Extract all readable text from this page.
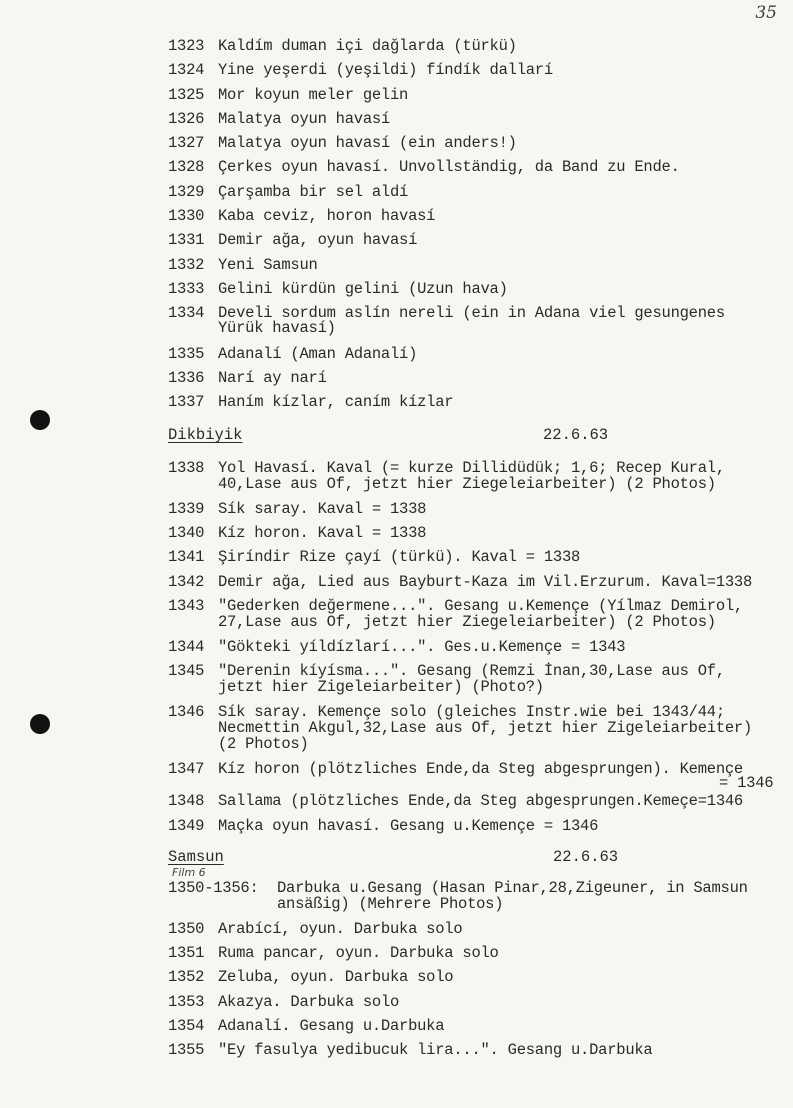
35
1323 Kaldím duman içi dağlarda (türkü)
1324 Yine yeşerdi (yeşildi) fíndík dallarí
1325 Mor koyun meler gelin
1326 Malatya oyun havasí
1327 Malatya oyun havasí (ein anders!)
1328 Çerkes oyun havasí. Unvollständig, da Band zu Ende.
1329 Çarşamba bir sel aldí
1330 Kaba ceviz, horon havasí
1331 Demir ağa, oyun havasí
1332 Yeni Samsun
1333 Gelini kürdün gelini (Uzun hava)
1334 Develi sordum aslín nereli (ein in Adana viel gesungenes
Yürük havasí)
1335 Adanalí (Aman Adanalí)
1336 Narí ay narí
1337 Haním kízlar, caním kízlar
Dikbiyik	22.6.63
1338 Yol Havasí. Kaval (= kurze Dillidüdük; 1,6; Recep Kural,
40,Lase aus Of, jetzt hier Ziegeleiarbeiter) (2 Photos)
1339 Sík saray. Kaval = 1338
1340 Kíz horon. Kaval = 1338
1341 Şiríndir Rize çayí (türkü). Kaval = 1338
1342 Demir ağa, Lied aus Bayburt-Kaza im Vil.Erzurum. Kaval=1338
1343 "Gederken değermene...". Gesang u.Kemençe (Yílmaz Demirol,
27,Lase aus Of, jetzt hier Ziegeleiarbeiter) (2 Photos)
1344 "Gökteki yíldízlarí...". Ges.u.Kemençe = 1343
1345 "Derenin kíyísma...". Gesang (Remzi İnan,30,Lase aus Of,
jetzt hier Zigeleiarbeiter) (Photo?)
1346 Sík saray. Kemençe solo (gleiches Instr.wie bei 1343/44;
Necmettin Akgul,32,Lase aus Of, jetzt hier Zigeleiarbeiter)
(2 Photos)
1347 Kíz horon (plötzliches Ende,da Steg abgesprungen). Kemençe
= 1346
1348 Sallama (plötzliches Ende,da Steg abgesprungen.Kemeçe=1346
1349 Maçka oyun havasí. Gesang u.Kemençe = 1346
Samsun	22.6.63
Film 6
1350-1356: Darbuka u.Gesang (Hasan Pinar,28,Zigeuner, in Samsun
ansäßig) (Mehrere Photos)
1350 Arabící, oyun. Darbuka solo
1351 Ruma pancar, oyun. Darbuka solo
1352 Zeluba, oyun. Darbuka solo
1353 Akazya. Darbuka solo
1354 Adanalí. Gesang u.Darbuka
1355 "Ey fasulya yedibucuk lira...". Gesang u.Darbuka
